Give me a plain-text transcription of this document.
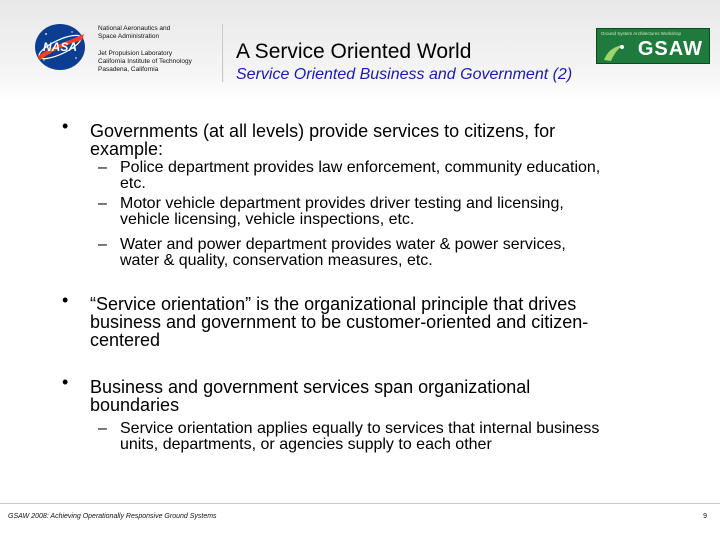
NASA
National Aeronautics and
Space Administration
Jet Propulsion Laboratory
California Institute of Technology
Pasadena, California
A Service Oriented World
Service Oriented Business and Government (2)
Ground System Architectures Workshop
GSAW
• Governments (at all levels) provide services to citizens, for
example:
– Police department provides law enforcement, community education,
etc.
– Motor vehicle department provides driver testing and licensing,
vehicle licensing, vehicle inspections, etc.
– Water and power department provides water & power services,
water & quality, conservation measures, etc.
• “Service orientation” is the organizational principle that drives
business and government to be customer-oriented and citizen-
centered
• Business and government services span organizational
boundaries
– Service orientation applies equally to services that internal business
units, departments, or agencies supply to each other
GSAW 2008: Achieving Operationally Responsive Ground Systems	9
